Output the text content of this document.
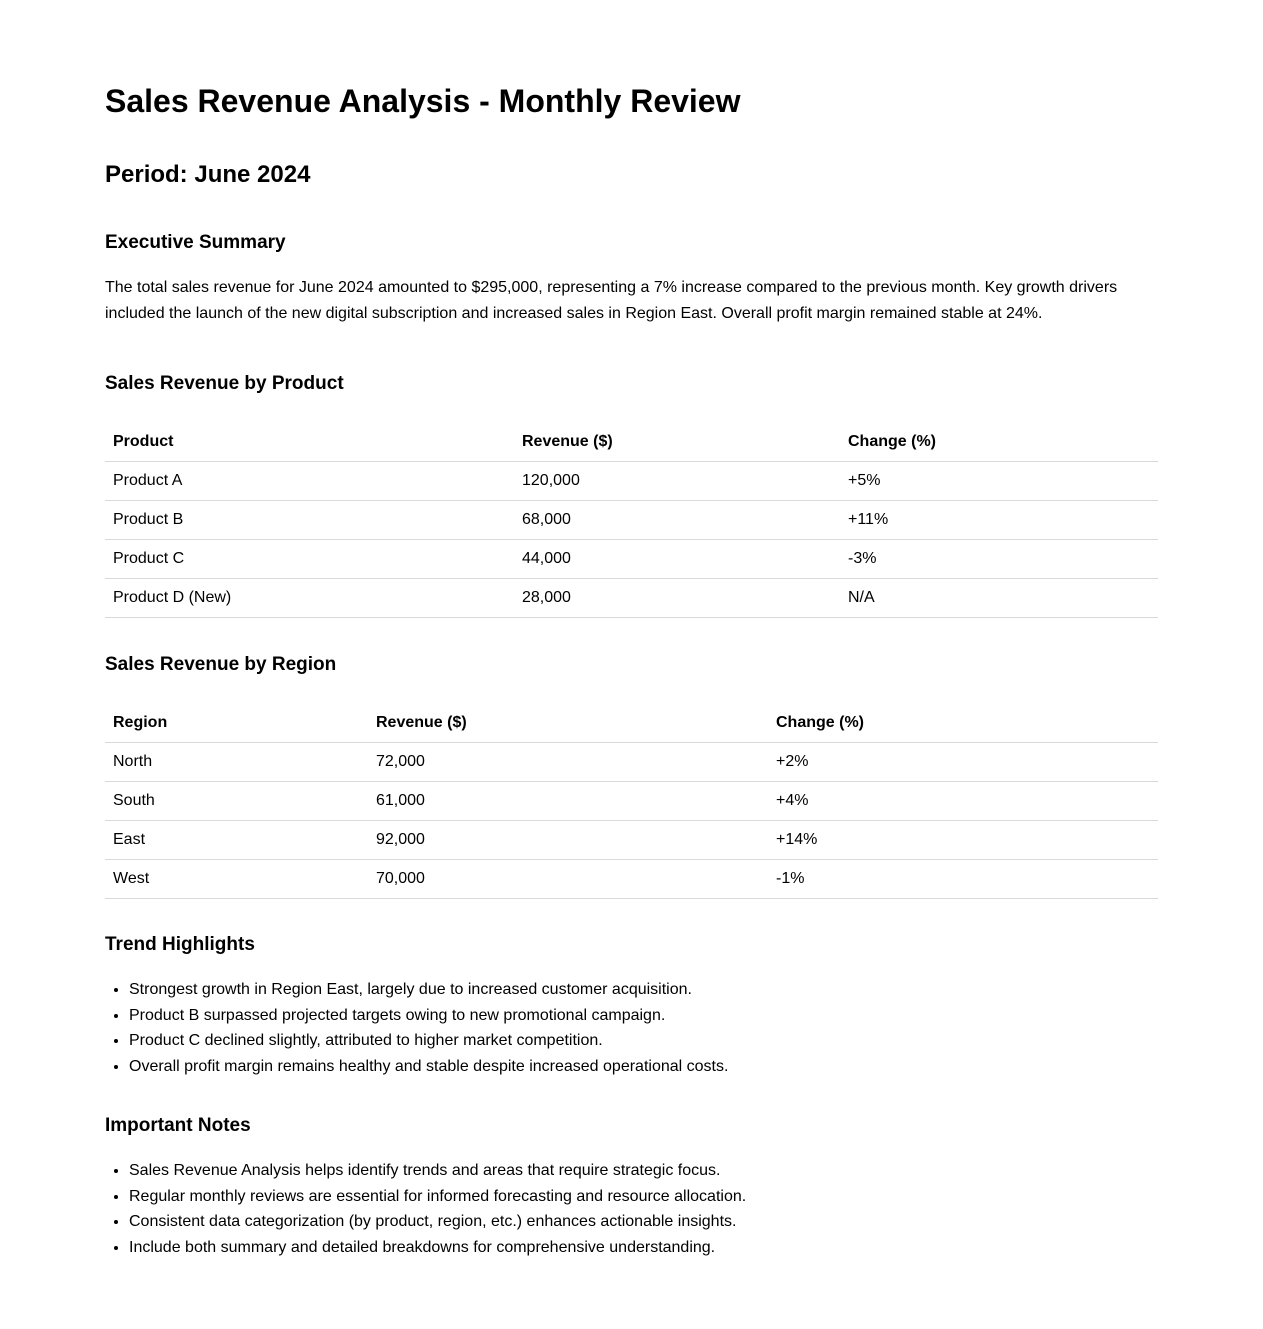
Sales Revenue Analysis - Monthly Review
Period: June 2024
Executive Summary

The total sales revenue for June 2024 amounted to $295,000, representing a 7% increase compared to the previous month. Key growth drivers included the launch of the new digital subscription and increased sales in Region East. Overall profit margin remained stable at 24%.

Sales Revenue by Product
Product	Revenue ($)	Change (%)
Product A	120,000	+5%
Product B	68,000	+11%
Product C	44,000	-3%
Product D (New)	28,000	N/A
Sales Revenue by Region
Region	Revenue ($)	Change (%)
North	72,000	+2%
South	61,000	+4%
East	92,000	+14%
West	70,000	-1%
Trend Highlights
• Strongest growth in Region East, largely due to increased customer acquisition.
• Product B surpassed projected targets owing to new promotional campaign.
• Product C declined slightly, attributed to higher market competition.
• Overall profit margin remains healthy and stable despite increased operational costs.
Important Notes
• Sales Revenue Analysis helps identify trends and areas that require strategic focus.
• Regular monthly reviews are essential for informed forecasting and resource allocation.
• Consistent data categorization (by product, region, etc.) enhances actionable insights.
• Include both summary and detailed breakdowns for comprehensive understanding.
